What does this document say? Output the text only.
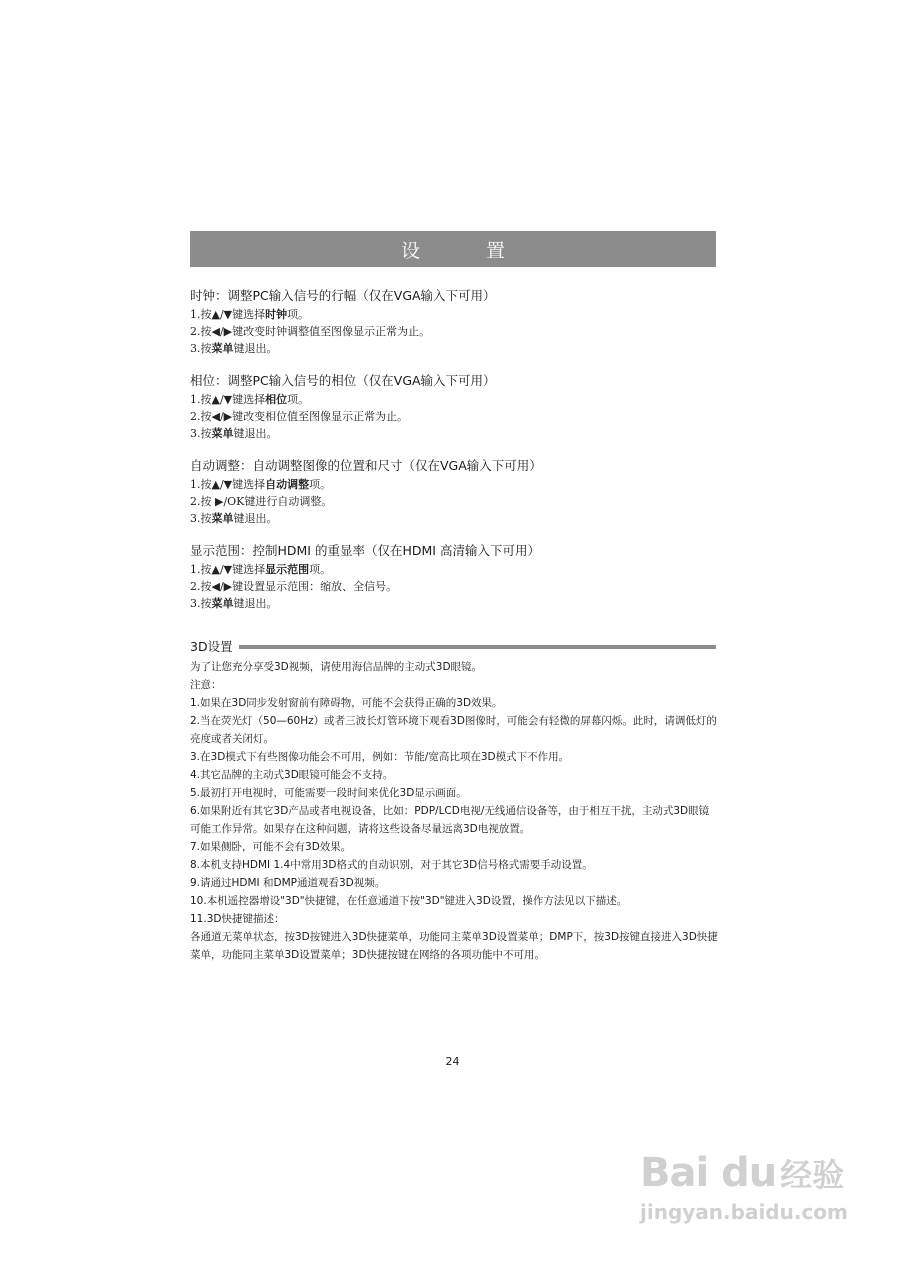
设 置
时钟：调整PC输入信号的行幅（仅在VGA输入下可用）
1.按▲/▼键选择时钟项。
2.按◀/▶键改变时钟调整值至图像显示正常为止。
3.按菜单键退出。
相位：调整PC输入信号的相位（仅在VGA输入下可用）
1.按▲/▼键选择相位项。
2.按◀/▶键改变相位值至图像显示正常为止。
3.按菜单键退出。
自动调整：自动调整图像的位置和尺寸（仅在VGA输入下可用）
1.按▲/▼键选择自动调整项。
2.按 ▶/OK键进行自动调整。
3.按菜单键退出。
显示范围：控制HDMI 的重显率（仅在HDMI 高清输入下可用）
1.按▲/▼键选择显示范围项。
2.按◀/▶键设置显示范围：缩放、全信号。
3.按菜单键退出。
3D设置

为了让您充分享受3D视频，请使用海信品牌的主动式3D眼镜。

注意：

1.如果在3D同步发射窗前有障碍物，可能不会获得正确的3D效果。

2.当在荧光灯（50—60Hz）或者三波长灯管环境下观看3D图像时，可能会有轻微的屏幕闪烁。此时，请调低灯的亮度或者关闭灯。

3.在3D模式下有些图像功能会不可用，例如：节能/宽高比项在3D模式下不作用。

4.其它品牌的主动式3D眼镜可能会不支持。

5.最初打开电视时，可能需要一段时间来优化3D显示画面。

6.如果附近有其它3D产品或者电视设备，比如：PDP/LCD电视/无线通信设备等，由于相互干扰，主动式3D眼镜可能工作异常。如果存在这种问题，请将这些设备尽量远离3D电视放置。

7.如果侧卧，可能不会有3D效果。

8.本机支持HDMI 1.4中常用3D格式的自动识别，对于其它3D信号格式需要手动设置。

9.请通过HDMI 和DMP通道观看3D视频。

10.本机遥控器增设"3D"快捷键，在任意通道下按"3D"键进入3D设置，操作方法见以下描述。

11.3D快捷键描述：

各通道无菜单状态，按3D按键进入3D快捷菜单，功能同主菜单3D设置菜单；DMP下，按3D按键直接进入3D快捷菜单，功能同主菜单3D设置菜单；3D快捷按键在网络的各项功能中不可用。

24
Bai du 经验
jingyan.baidu.com
